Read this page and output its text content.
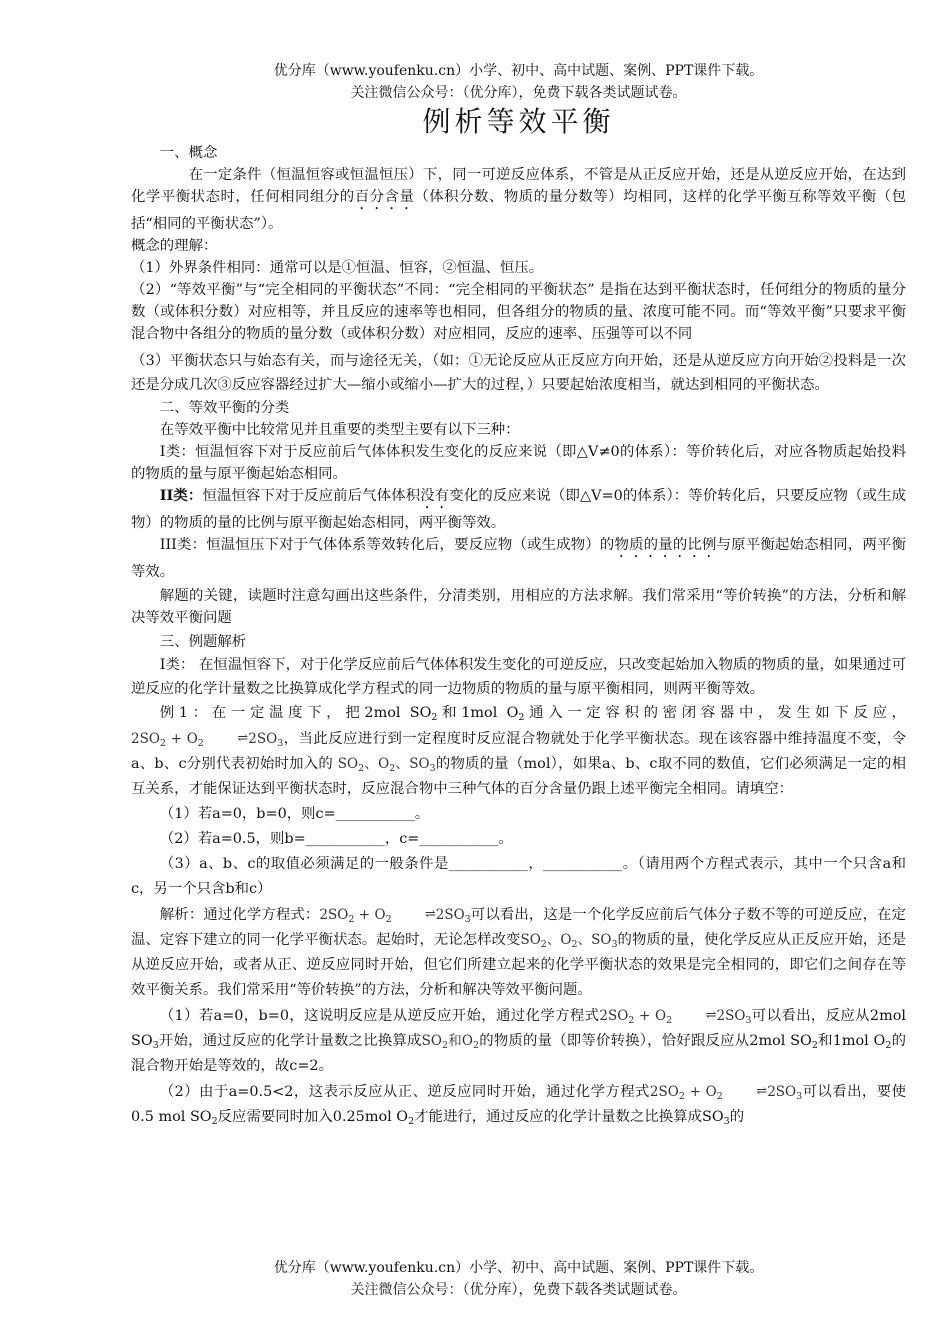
优分库（www.youfenku.cn）小学、初中、高中试题、案例、PPT课件下载。
关注微信公众号：（优分库），免费下载各类试题试卷。
例析等效平衡

一、概念

在一定条件（恒温恒容或恒温恒压）下，同一可逆反应体系，不管是从正反应开始，还是从逆反应开始，在达到化学平衡状态时，任何相同组分的百分含量（体积分数、物质的量分数等）均相同，这样的化学平衡互称等效平衡（包括“相同的平衡状态”）。

概念的理解：

（1）外界条件相同：通常可以是①恒温、恒容，②恒温、恒压。

（2）“等效平衡”与“完全相同的平衡状态”不同：“完全相同的平衡状态” 是指在达到平衡状态时，任何组分的物质的量分数（或体积分数）对应相等，并且反应的速率等也相同，但各组分的物质的量、浓度可能不同。而“等效平衡”只要求平衡混合物中各组分的物质的量分数（或体积分数）对应相同，反应的速率、压强等可以不同

（3）平衡状态只与始态有关，而与途径无关，（如：①无论反应从正反应方向开始，还是从逆反应方向开始②投料是一次还是分成几次③反应容器经过扩大—缩小或缩小—扩大的过程，）只要起始浓度相当，就达到相同的平衡状态。

二、等效平衡的分类

在等效平衡中比较常见并且重要的类型主要有以下三种：

I类：恒温恒容下对于反应前后气体体积发生变化的反应来说（即△V≠0的体系）：等价转化后，对应各物质起始投料的物质的量与原平衡起始态相同。

II类：恒温恒容下对于反应前后气体体积没有变化的反应来说（即△V=0的体系）：等价转化后，只要反应物（或生成物）的物质的量的比例与原平衡起始态相同，两平衡等效。

III类：恒温恒压下对于气体体系等效转化后，要反应物（或生成物）的物质的量的比例与原平衡起始态相同，两平衡等效。

解题的关键，读题时注意勾画出这些条件，分清类别，用相应的方法求解。我们常采用“等价转换”的方法，分析和解决等效平衡问题

三、例题解析

I类： 在恒温恒容下，对于化学反应前后气体体积发生变化的可逆反应，只改变起始加入物质的物质的量，如果通过可逆反应的化学计量数之比换算成化学方程式的同一边物质的物质的量与原平衡相同，则两平衡等效。

例1：在一定温度下，把2mol $SO_2$和1mol $O_2$通入一定容积的密闭容器中，发生如下反应， $2SO_2 + O_2$	$\rightleftharpoons 2SO_3$，当此反应进行到一定程度时反应混合物就处于化学平衡状态。现在该容器中维持温度不变，令a、b、c分别代表初始时加入的 $SO_2$、$O_2$、$SO_3$的物质的量（mol），如果a、b、c取不同的数值，它们必须满足一定的相互关系，才能保证达到平衡状态时，反应混合物中三种气体的百分含量仍跟上述平衡完全相同。请填空：

（1）若a=0，b=0，则c=___________。

（2）若a=0.5，则b=___________，c=___________。

（3）a、b、c的取值必须满足的一般条件是___________，___________。（请用两个方程式表示，其中一个只含a和c，另一个只含b和c）

解析：通过化学方程式：$2SO_2 + O_2$	$\rightleftharpoons 2SO_3$可以看出，这是一个化学反应前后气体分子数不等的可逆反应，在定温、定容下建立的同一化学平衡状态。起始时，无论怎样改变$SO_2$、$O_2$、$SO_3$的物质的量，使化学反应从正反应开始，还是从逆反应开始，或者从正、逆反应同时开始，但它们所建立起来的化学平衡状态的效果是完全相同的，即它们之间存在等效平衡关系。我们常采用“等价转换”的方法，分析和解决等效平衡问题。

（1）若a=0，b=0，这说明反应是从逆反应开始，通过化学方程式$2SO_2 + O_2$	$\rightleftharpoons 2SO_3$可以看出，反应从2mol $SO_3$开始，通过反应的化学计量数之比换算成$SO_2$和$O_2$的物质的量（即等价转换），恰好跟反应从2mol $SO_2$和1mol $O_2$的混合物开始是等效的，故c=2。

（2）由于a=0.5<2，这表示反应从正、逆反应同时开始，通过化学方程式$2SO_2 + O_2$	$\rightleftharpoons 2SO_3$可以看出，要使0.5 mol $SO_2$反应需要同时加入0.25mol $O_2$才能进行，通过反应的化学计量数之比换算成$SO_3$的

优分库（www.youfenku.cn）小学、初中、高中试题、案例、PPT课件下载。
关注微信公众号：（优分库），免费下载各类试题试卷。
